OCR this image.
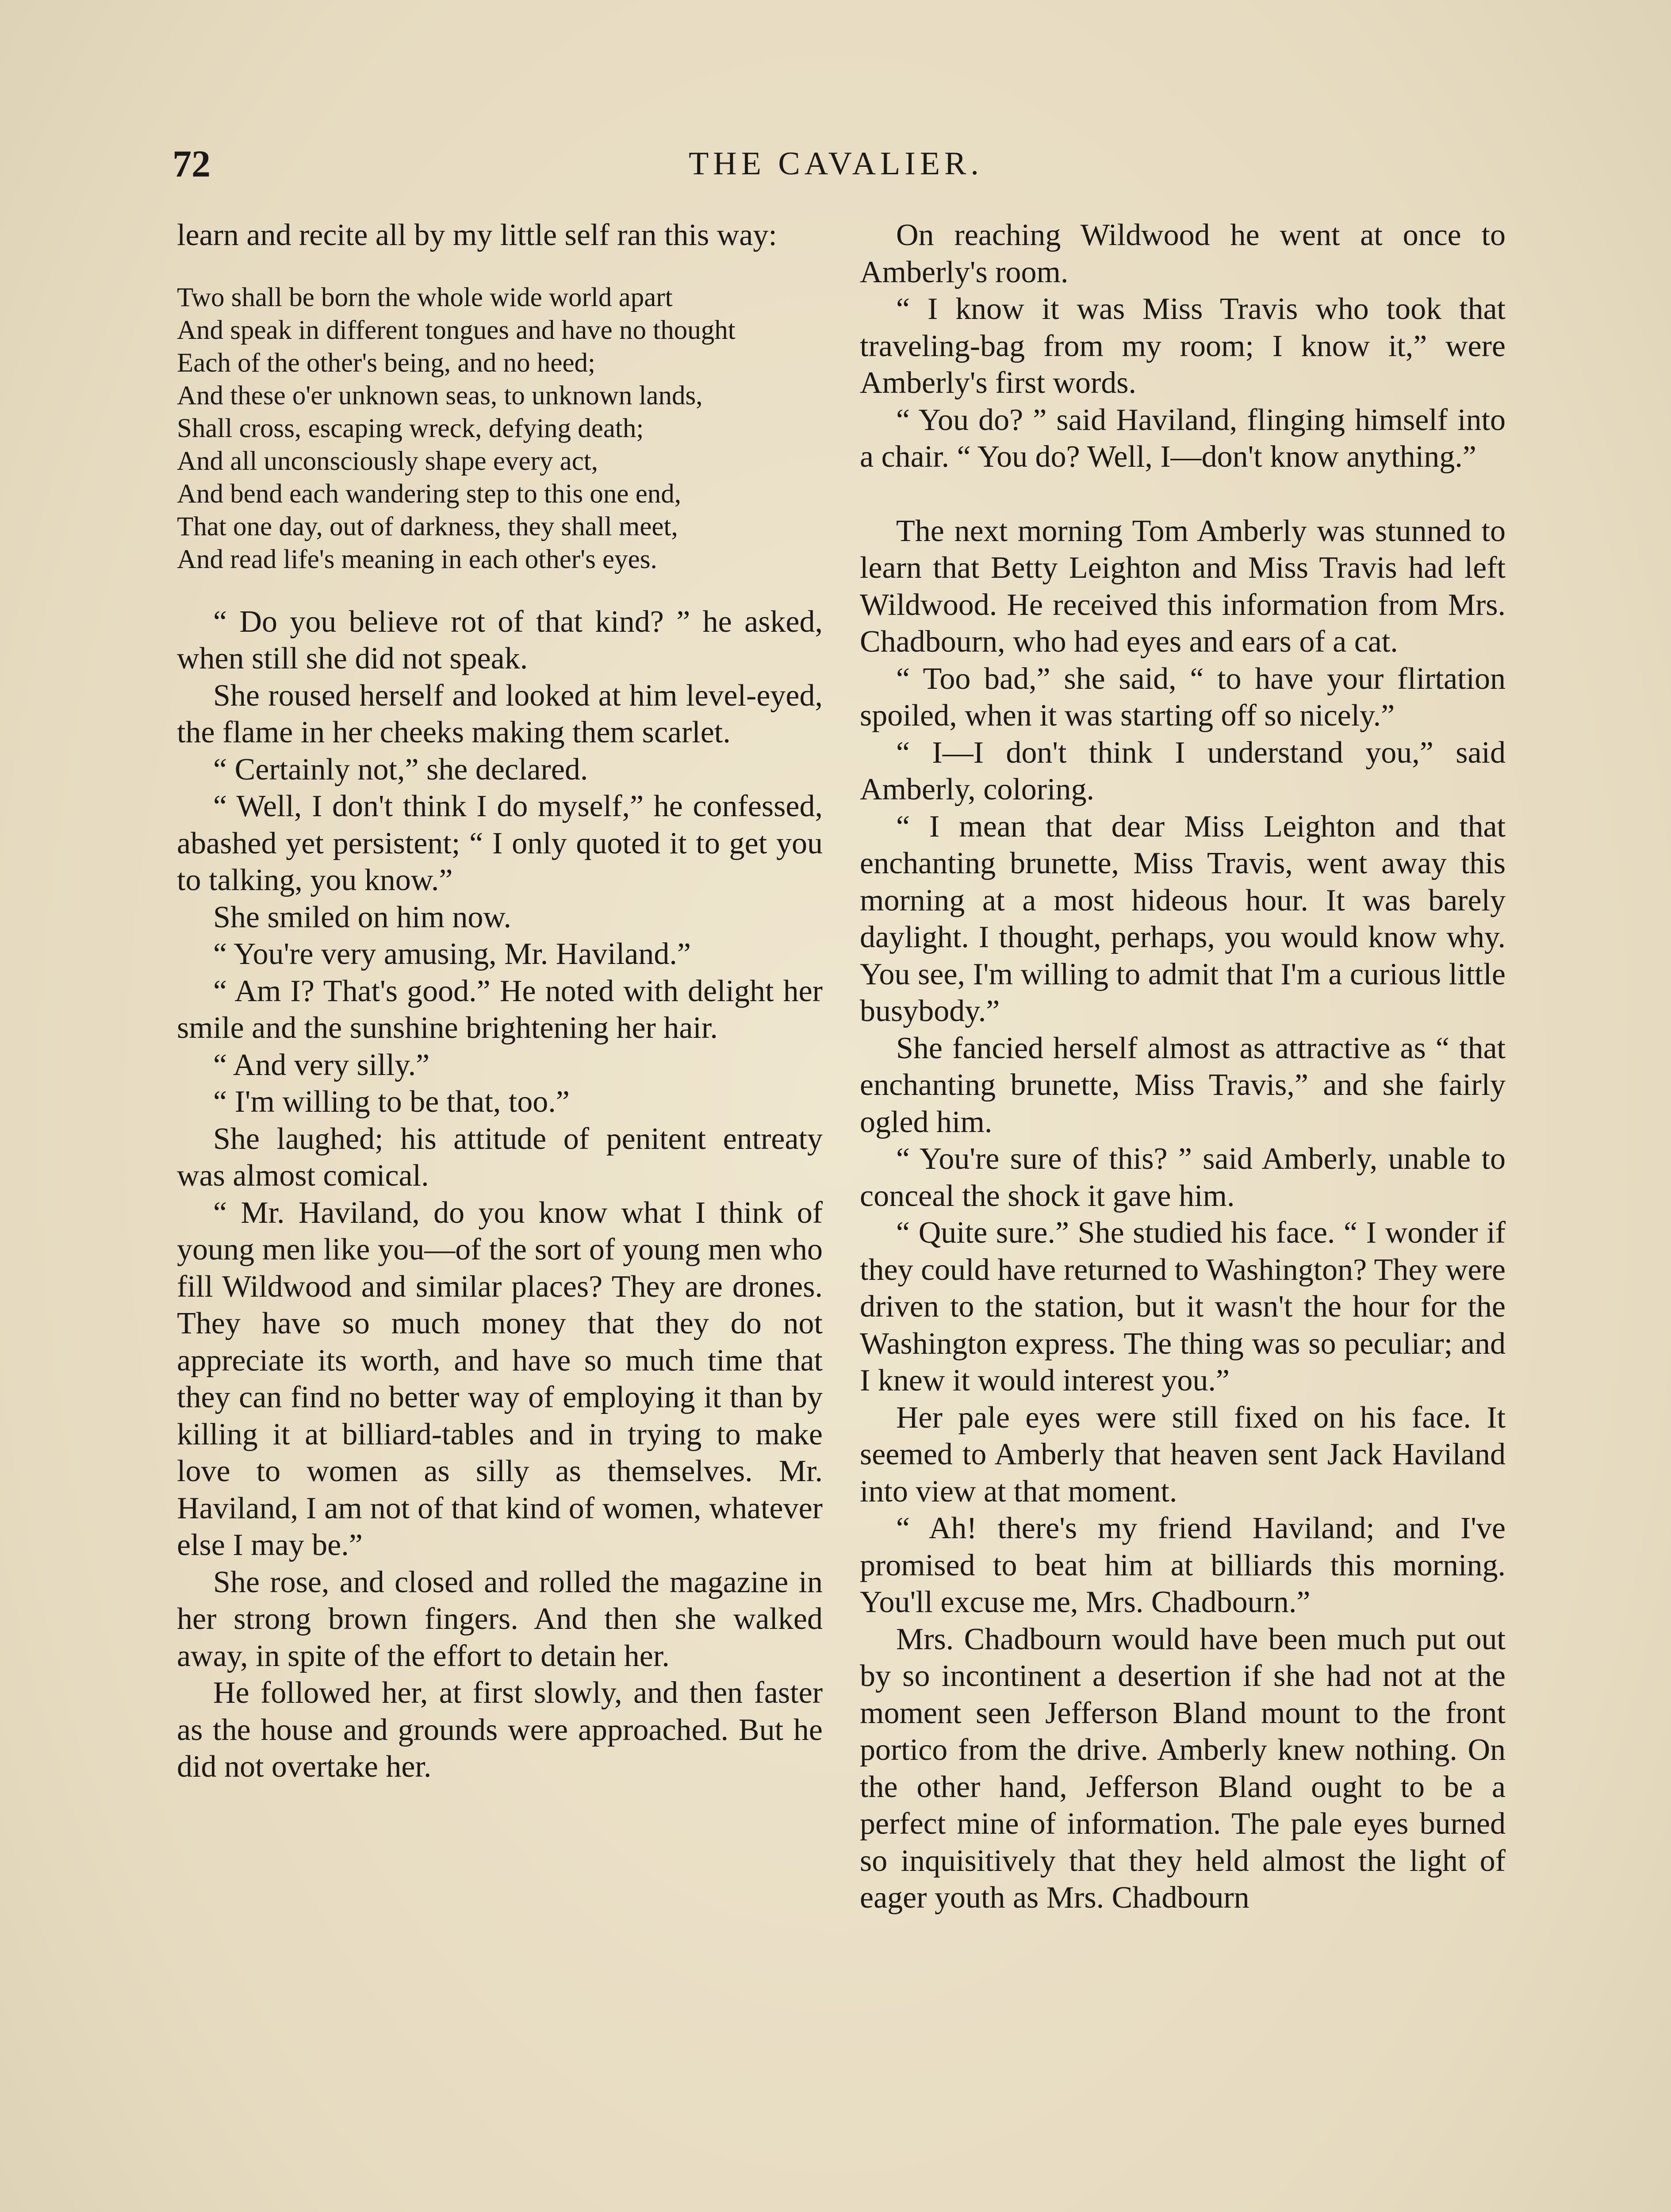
72	THE CAVALIER.

learn and recite all by my little self ran this way:

Two shall be born the whole wide world apart
And speak in different tongues and have no thought
Each of the other's being, and no heed;
And these o'er unknown seas, to unknown lands,
Shall cross, escaping wreck, defying death;
And all unconsciously shape every act,
And bend each wandering step to this one end,
That one day, out of darkness, they shall meet,
And read life's meaning in each other's eyes.

“ Do you believe rot of that kind? ” he asked, when still she did not speak.

She roused herself and looked at him level-eyed, the flame in her cheeks making them scarlet.

“ Certainly not,” she declared.

“ Well, I don't think I do myself,” he confessed, abashed yet persistent; “ I only quoted it to get you to talking, you know.”

She smiled on him now.

“ You're very amusing, Mr. Haviland.”

“ Am I? That's good.” He noted with delight her smile and the sunshine brightening her hair.

“ And very silly.”

“ I'm willing to be that, too.”

She laughed; his attitude of penitent entreaty was almost comical.

“ Mr. Haviland, do you know what I think of young men like you—of the sort of young men who fill Wildwood and similar places? They are drones. They have so much money that they do not appreciate its worth, and have so much time that they can find no better way of employing it than by killing it at billiard-tables and in trying to make love to women as silly as themselves. Mr. Haviland, I am not of that kind of women, whatever else I may be.”

She rose, and closed and rolled the magazine in her strong brown fingers. And then she walked away, in spite of the effort to detain her.

He followed her, at first slowly, and then faster as the house and grounds were approached. But he did not overtake her.

On reaching Wildwood he went at once to Amberly's room.

“ I know it was Miss Travis who took that traveling-bag from my room; I know it,” were Amberly's first words.

“ You do? ” said Haviland, flinging himself into a chair. “ You do? Well, I—don't know anything.”

The next morning Tom Amberly was stunned to learn that Betty Leighton and Miss Travis had left Wildwood. He received this information from Mrs. Chadbourn, who had eyes and ears of a cat.

“ Too bad,” she said, “ to have your flirtation spoiled, when it was starting off so nicely.”

“ I—I don't think I understand you,” said Amberly, coloring.

“ I mean that dear Miss Leighton and that enchanting brunette, Miss Travis, went away this morning at a most hideous hour. It was barely daylight. I thought, perhaps, you would know why. You see, I'm willing to admit that I'm a curious little busybody.”

She fancied herself almost as attractive as “ that enchanting brunette, Miss Travis,” and she fairly ogled him.

“ You're sure of this? ” said Amberly, unable to conceal the shock it gave him.

“ Quite sure.” She studied his face. “ I wonder if they could have returned to Washington? They were driven to the station, but it wasn't the hour for the Washington express. The thing was so peculiar; and I knew it would interest you.”

Her pale eyes were still fixed on his face. It seemed to Amberly that heaven sent Jack Haviland into view at that moment.

“ Ah! there's my friend Haviland; and I've promised to beat him at billiards this morning. You'll excuse me, Mrs. Chadbourn.”

Mrs. Chadbourn would have been much put out by so incontinent a desertion if she had not at the moment seen Jefferson Bland mount to the front portico from the drive. Amberly knew nothing. On the other hand, Jefferson Bland ought to be a perfect mine of information. The pale eyes burned so inquisitively that they held almost the light of eager youth as Mrs. Chadbourn
